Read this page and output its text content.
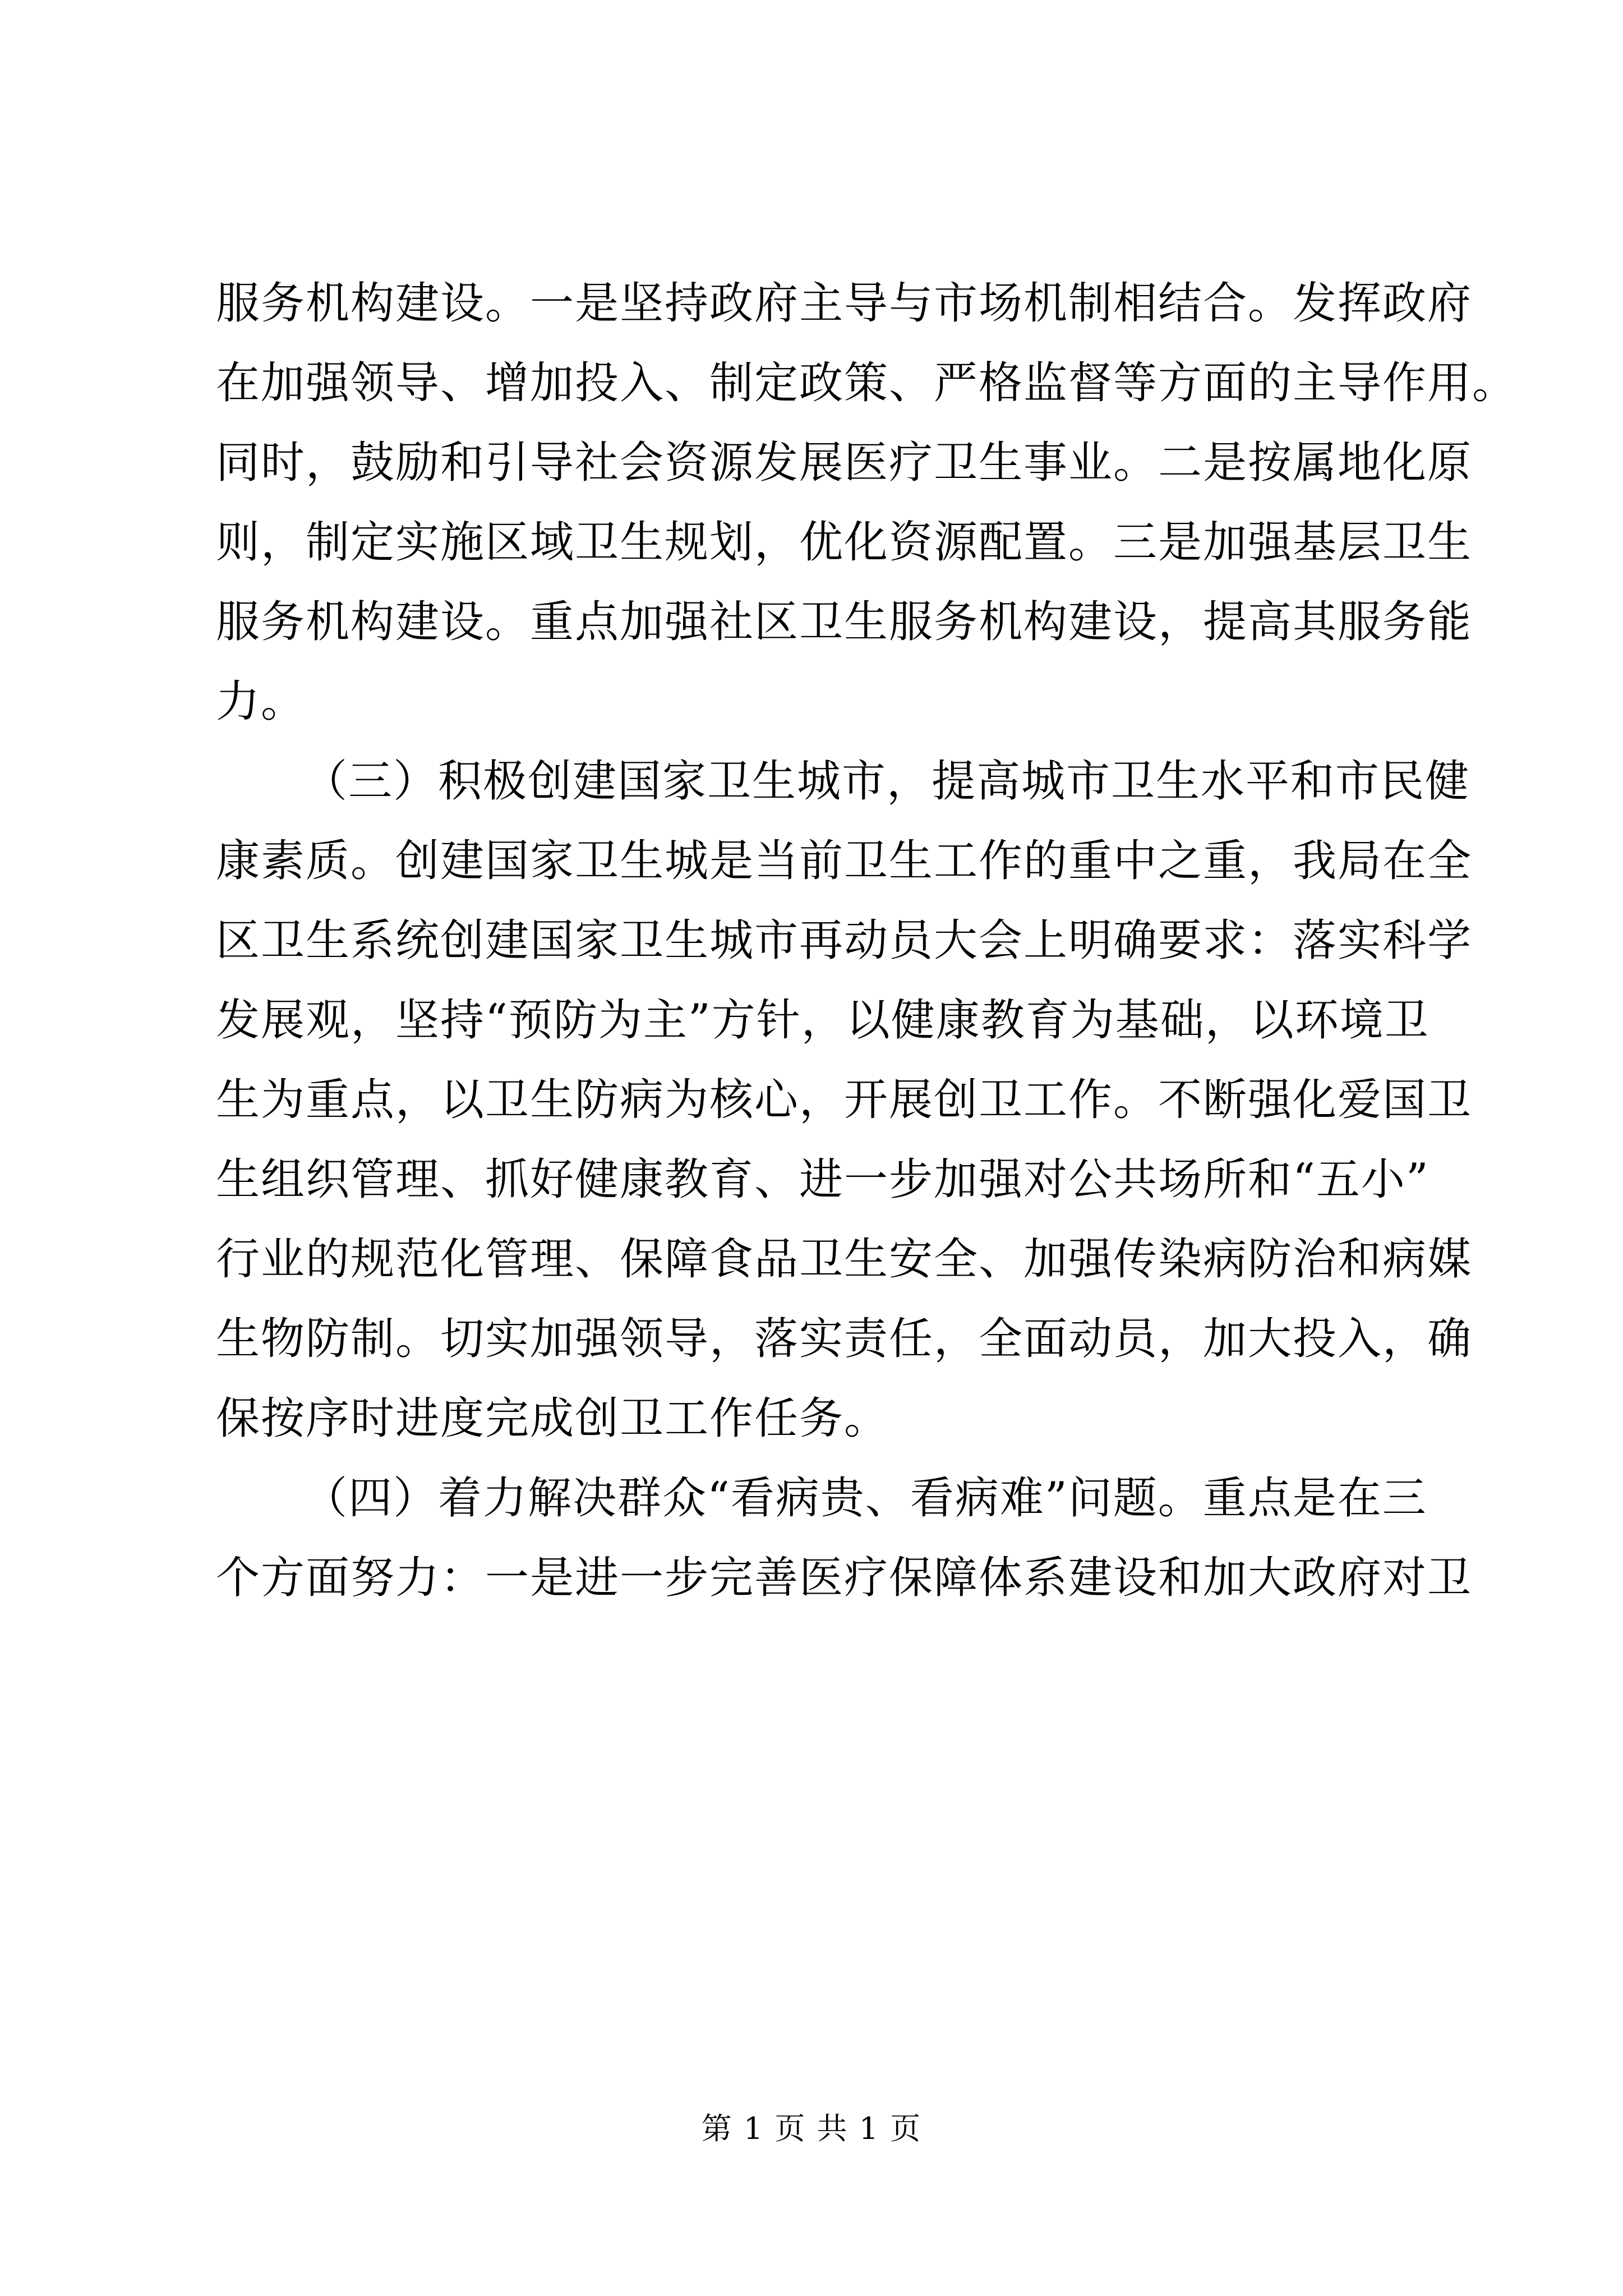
服务机构建设。一是坚持政府主导与市场机制相结合。发挥政府
在加强领导、增加投入、制定政策、严格监督等方面的主导作用。
同时，鼓励和引导社会资源发展医疗卫生事业。二是按属地化原
则，制定实施区域卫生规划，优化资源配置。三是加强基层卫生
服务机构建设。重点加强社区卫生服务机构建设，提高其服务能
力。
（三）积极创建国家卫生城市，提高城市卫生水平和市民健
康素质。创建国家卫生城是当前卫生工作的重中之重，我局在全
区卫生系统创建国家卫生城市再动员大会上明确要求：落实科学
发展观，坚持“预防为主”方针，以健康教育为基础，以环境卫
生为重点，以卫生防病为核心，开展创卫工作。不断强化爱国卫
生组织管理、抓好健康教育、进一步加强对公共场所和“五小”
行业的规范化管理、保障食品卫生安全、加强传染病防治和病媒
生物防制。切实加强领导，落实责任，全面动员，加大投入，确
保按序时进度完成创卫工作任务。
（四）着力解决群众“看病贵、看病难”问题。重点是在三
个方面努力：一是进一步完善医疗保障体系建设和加大政府对卫
第 1 页 共 1 页
